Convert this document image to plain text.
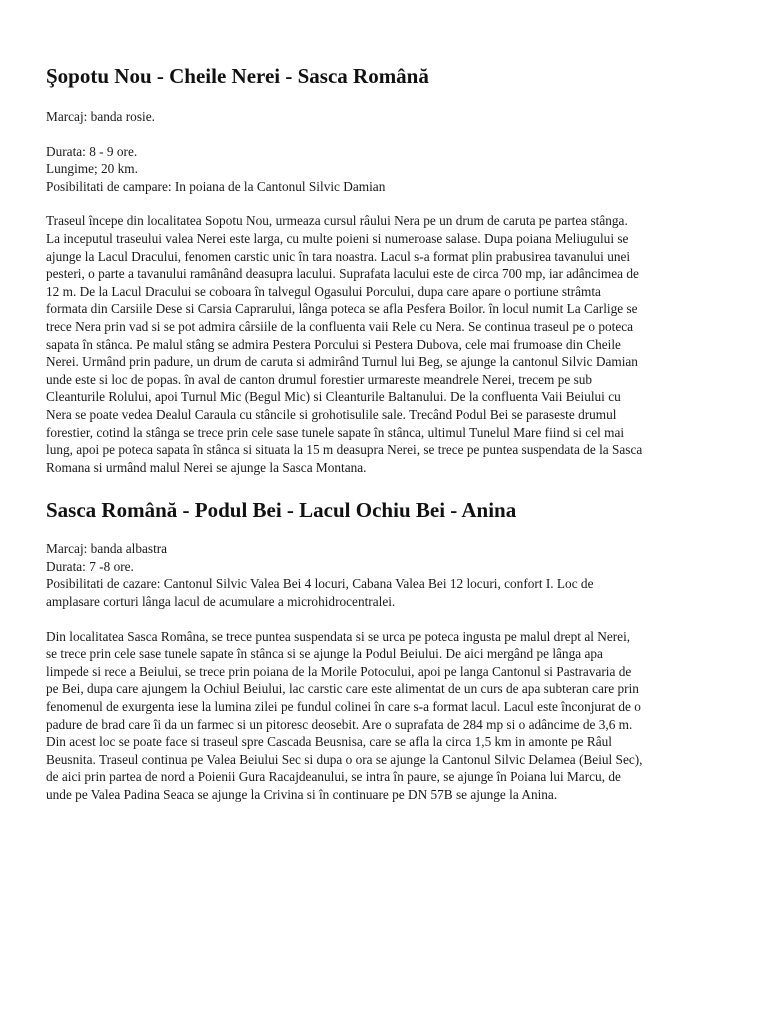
Şopotu Nou - Cheile Nerei - Sasca Română

Marcaj: banda rosie.

Durata: 8 - 9 ore.

Lungime; 20 km.

Posibilitati de campare: In poiana de la Cantonul Silvic Damian

Traseul începe din localitatea Sopotu Nou, urmeaza cursul râului Nera pe un drum de caruta pe partea stânga.

La inceputul traseului valea Nerei este larga, cu multe poieni si numeroase salase. Dupa poiana Meliugului se

ajunge la Lacul Dracului, fenomen carstic unic în tara noastra. Lacul s-a format plin prabusirea tavanului unei

pesteri, o parte a tavanului ramânând deasupra lacului. Suprafata lacului este de circa 700 mp, iar adâncimea de

12 m. De la Lacul Dracului se coboara în talvegul Ogasului Porcului, dupa care apare o portiune strâmta

formata din Carsiile Dese si Carsia Caprarului, lânga poteca se afla Pesfera Boilor. în locul numit La Carlige se

trece Nera prin vad si se pot admira cârsiile de la confluenta vaii Rele cu Nera. Se continua traseul pe o poteca

sapata în stânca. Pe malul stâng se admira Pestera Porcului si Pestera Dubova, cele mai frumoase din Cheile

Nerei. Urmând prin padure, un drum de caruta si admirând Turnul lui Beg, se ajunge la cantonul Silvic Damian

unde este si loc de popas. în aval de canton drumul forestier urmareste meandrele Nerei, trecem pe sub

Cleanturile Rolului, apoi Turnul Mic (Begul Mic) si Cleanturile Baltanului. De la confluenta Vaii Beiului cu

Nera se poate vedea Dealul Caraula cu stâncile si grohotisulile sale. Trecând Podul Bei se paraseste drumul

forestier, cotind la stânga se trece prin cele sase tunele sapate în stânca, ultimul Tunelul Mare fiind si cel mai

lung, apoi pe poteca sapata în stânca si situata la 15 m deasupra Nerei, se trece pe puntea suspendata de la Sasca

Romana si urmând malul Nerei se ajunge la Sasca Montana.

Sasca Română - Podul Bei - Lacul Ochiu Bei - Anina

Marcaj: banda albastra

Durata: 7 -8 ore.

Posibilitati de cazare: Cantonul Silvic Valea Bei 4 locuri, Cabana Valea Bei 12 locuri, confort I. Loc de

amplasare corturi lânga lacul de acumulare a microhidrocentralei.

Din localitatea Sasca Româna, se trece puntea suspendata si se urca pe poteca ingusta pe malul drept al Nerei,

se trece prin cele sase tunele sapate în stânca si se ajunge la Podul Beiului. De aici mergând pe lânga apa

limpede si rece a Beiului, se trece prin poiana de la Morile Potocului, apoi pe langa Cantonul si Pastravaria de

pe Bei, dupa care ajungem la Ochiul Beiului, lac carstic care este alimentat de un curs de apa subteran care prin

fenomenul de exurgenta iese la lumina zilei pe fundul colinei în care s-a format lacul. Lacul este înconjurat de o

padure de brad care îi da un farmec si un pitoresc deosebit. Are o suprafata de 284 mp si o adâncime de 3,6 m.

Din acest loc se poate face si traseul spre Cascada Beusnisa, care se afla la circa 1,5 km in amonte pe Râul

Beusnita. Traseul continua pe Valea Beiului Sec si dupa o ora se ajunge la Cantonul Silvic Delamea (Beiul Sec),

de aici prin partea de nord a Poienii Gura Racajdeanului, se intra în paure, se ajunge în Poiana lui Marcu, de

unde pe Valea Padina Seaca se ajunge la Crivina si în continuare pe DN 57B se ajunge la Anina.
